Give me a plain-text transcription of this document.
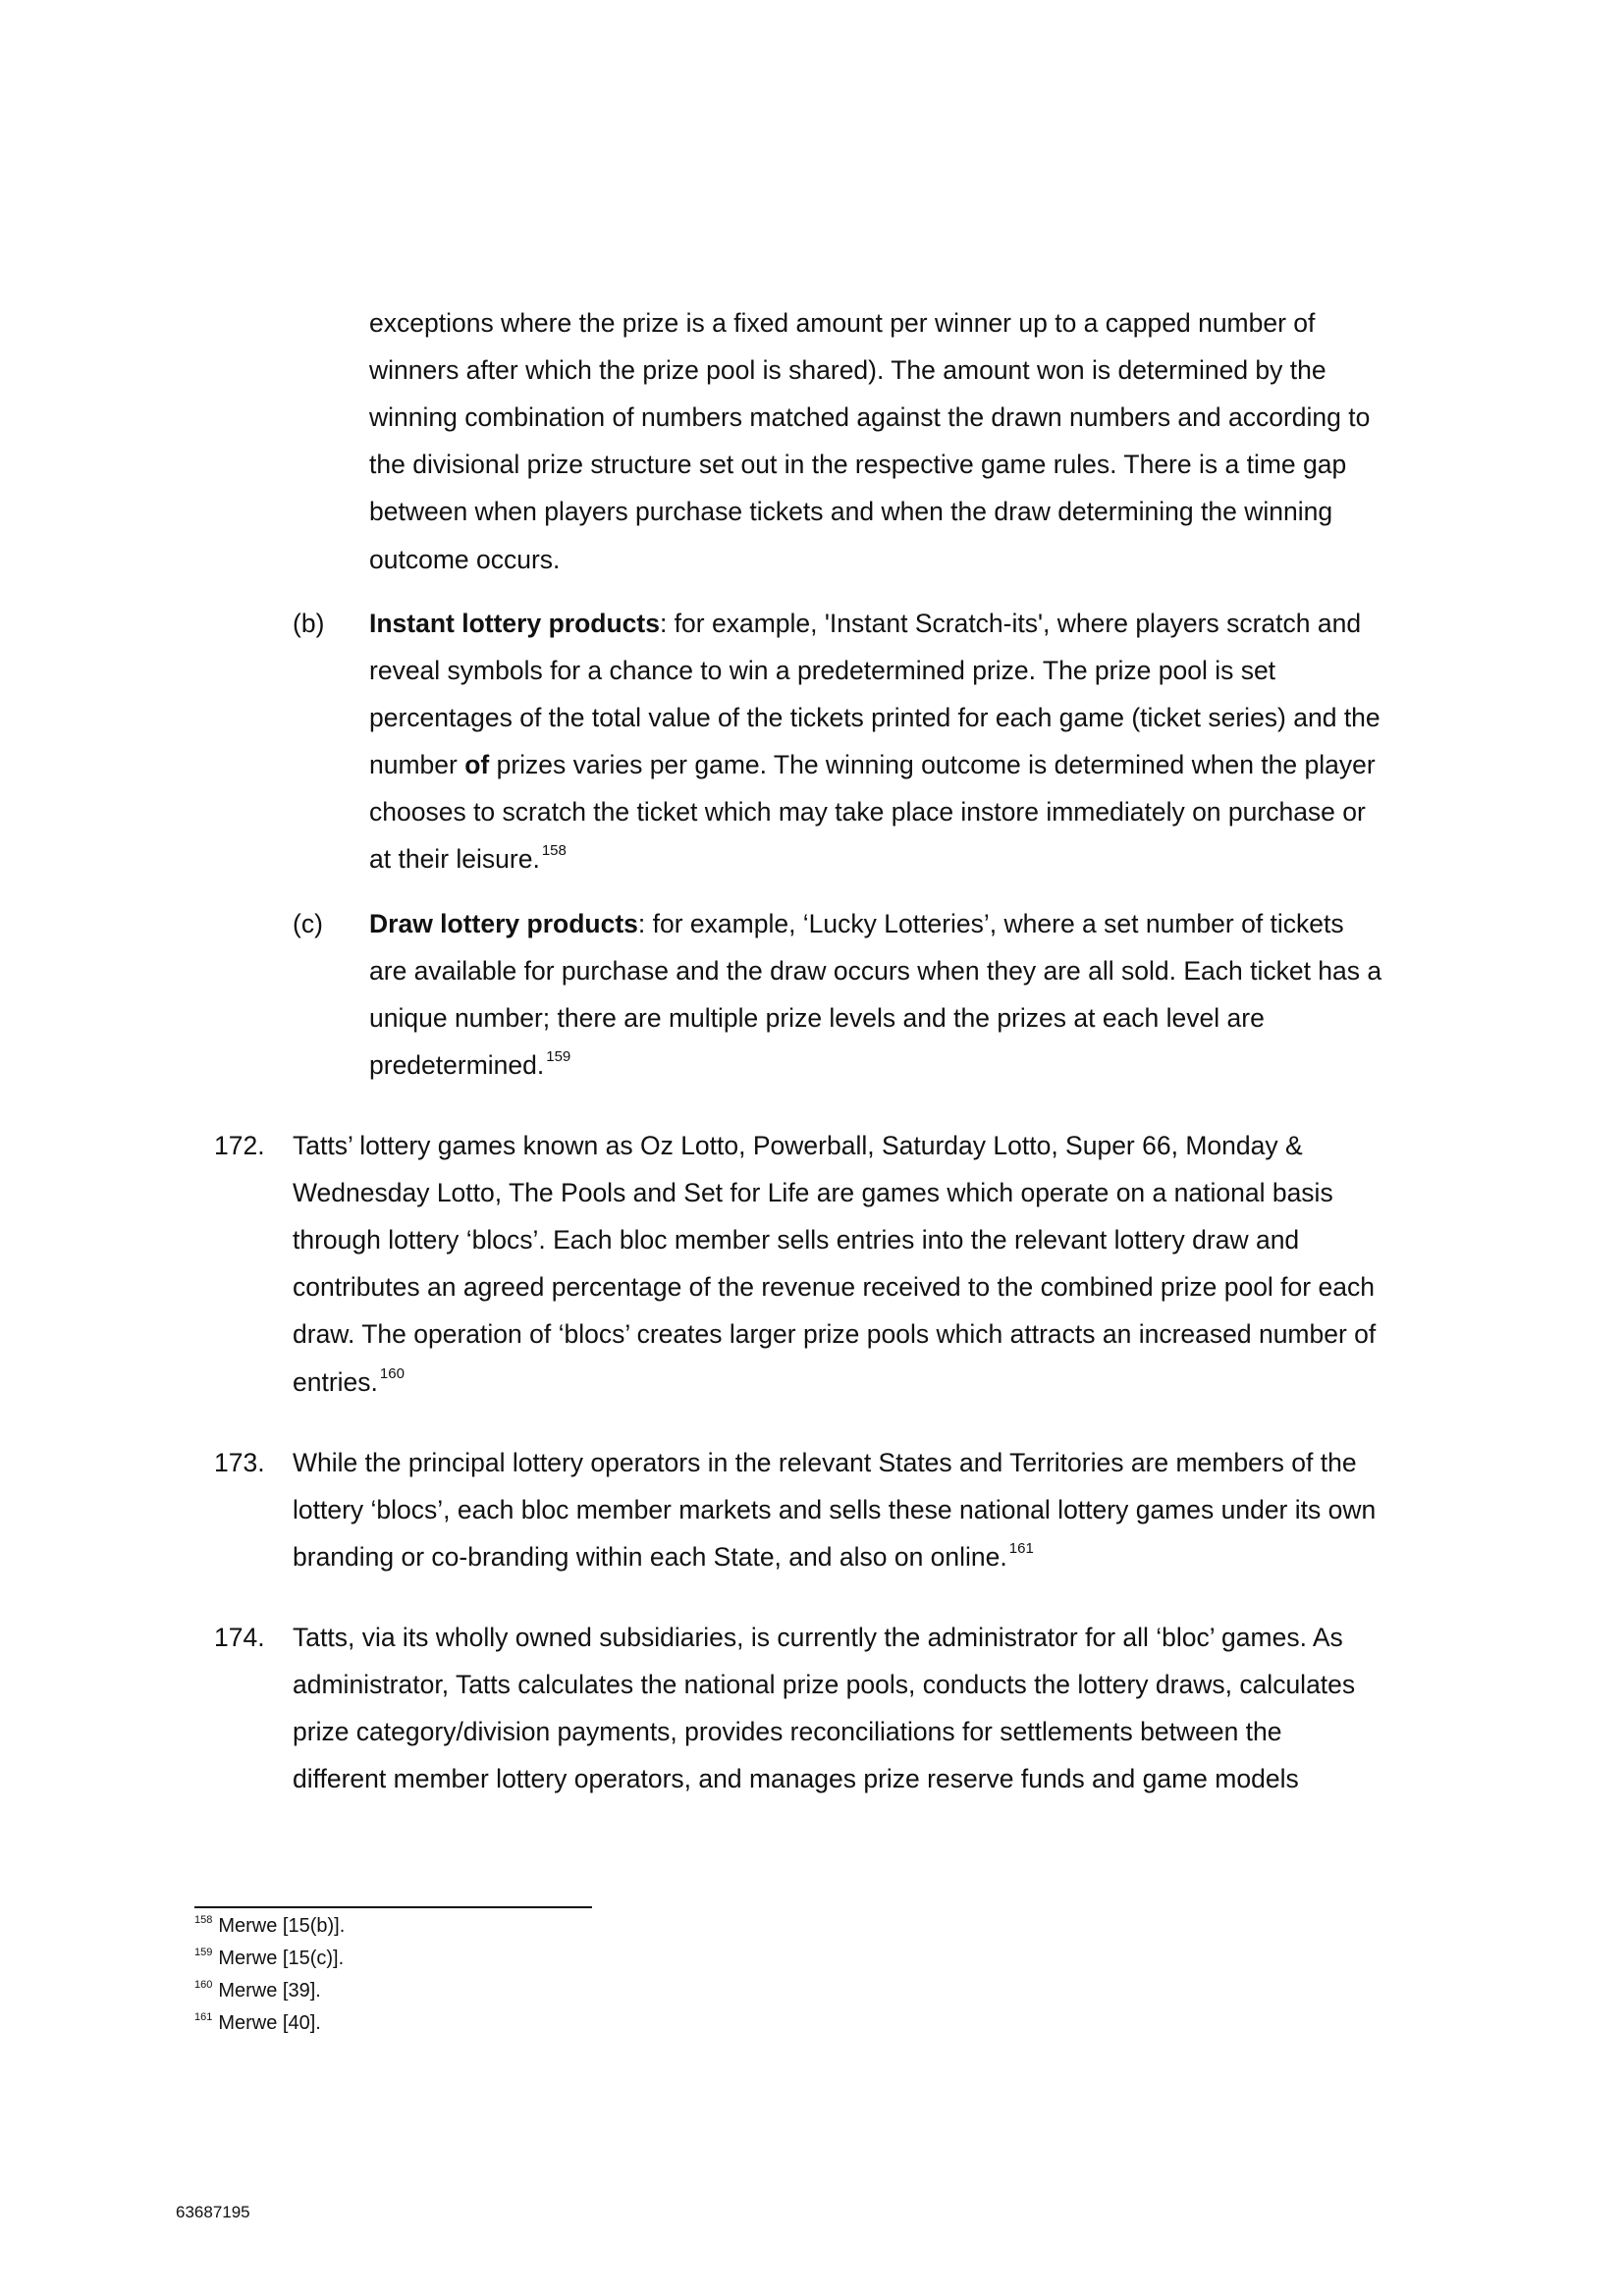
exceptions where the prize is a fixed amount per winner up to a capped number of
winners after which the prize pool is shared). The amount won is determined by the
winning combination of numbers matched against the drawn numbers and according to
the divisional prize structure set out in the respective game rules. There is a time gap
between when players purchase tickets and when the draw determining the winning
outcome occurs.
(b) Instant lottery products: for example, 'Instant Scratch-its', where players scratch and
reveal symbols for a chance to win a predetermined prize. The prize pool is set
percentages of the total value of the tickets printed for each game (ticket series) and the
number of prizes varies per game. The winning outcome is determined when the player
chooses to scratch the ticket which may take place instore immediately on purchase or
at their leisure. $^{158}$
(c) Draw lottery products: for example, ‘Lucky Lotteries’, where a set number of tickets
are available for purchase and the draw occurs when they are all sold. Each ticket has a
unique number; there are multiple prize levels and the prizes at each level are
predetermined. $^{159}$
172. Tatts’ lottery games known as Oz Lotto, Powerball, Saturday Lotto, Super 66, Monday &
Wednesday Lotto, The Pools and Set for Life are games which operate on a national basis
through lottery ‘blocs’. Each bloc member sells entries into the relevant lottery draw and
contributes an agreed percentage of the revenue received to the combined prize pool for each
draw. The operation of ‘blocs’ creates larger prize pools which attracts an increased number of
entries. $^{160}$
173. While the principal lottery operators in the relevant States and Territories are members of the
lottery ‘blocs’, each bloc member markets and sells these national lottery games under its own
branding or co-branding within each State, and also on online. $^{161}$
174. Tatts, via its wholly owned subsidiaries, is currently the administrator for all ‘bloc’ games. As
administrator, Tatts calculates the national prize pools, conducts the lottery draws, calculates
prize category/division payments, provides reconciliations for settlements between the
different member lottery operators, and manages prize reserve funds and game models
$^{158}$ Merwe [15(b)].
$^{159}$ Merwe [15(c)].
$^{160}$ Merwe [39].
$^{161}$ Merwe [40].
63687195
